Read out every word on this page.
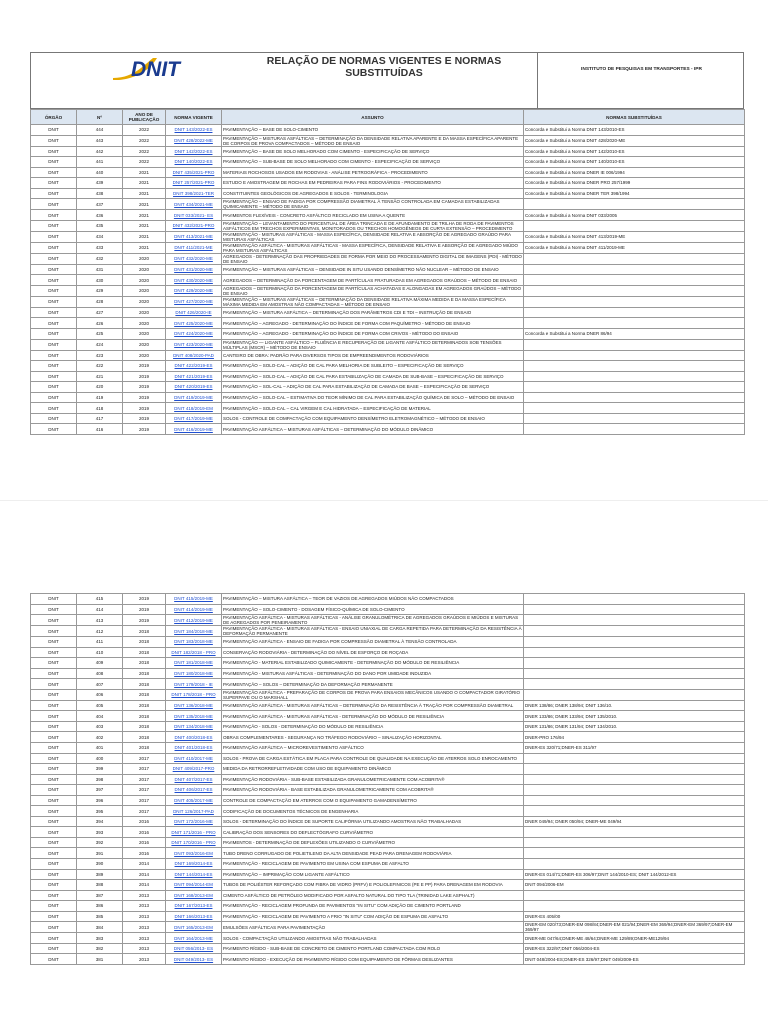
DNIT	RELAÇÃO DE NORMAS VIGENTES E NORMAS SUBSTITUÍDAS	INSTITUTO DE PESQUISAS EM TRANSPORTES - IPR
ÓRGÃO	Nº	ANO DE PUBLICAÇÃO	NORMA VIGENTE	ASSUNTO	NORMAS SUBSTITUÍDAS
DNIT	444	2022	DNIT 143/2022-ES	PAVIMENTAÇÃO – BASE DE SOLO-CIMENTO	Concorda e Substitui a Norma DNIT 143/2010-ES
DNIT	443	2022	DNIT 428/2022-ME	PAVIMENTAÇÃO – MISTURAS ASFÁLTICAS – DETERMINAÇÃO DA DENSIDADE RELATIVA APARENTE E DA MASSA ESPECÍFICA APARENTE DE CORPOS DE PROVA COMPACTADOS – MÉTODO DE ENSAIO	Concorda e Substitui a Norma DNIT 428/2020-ME
DNIT	442	2022	DNIT 142/2022-ES	PAVIMENTAÇÃO – BASE DE SOLO MELHORADO COM CIMENTO - ESPECIFICAÇÃO DE SERVIÇO	Concorda e Substitui a Norma DNIT 142/2010-ES
DNIT	441	2022	DNIT 140/2022-ES	PAVIMENTAÇÃO – SUB-BASE DE SOLO MELHORADO COM CIMENTO - ESPECIFICAÇÃO DE SERVIÇO	Concorda e Substitui a Norma DNIT 140/2010-ES
DNIT	440	2021	DNIT 435/2021-PRO	MATERIAIS ROCHOSOS USADOS EM RODOVIAS - ANÁLISE PETROGRÁFICA - PROCEDIMENTO	Concorda e Substitui a Norma DNER IE 006/1994
DNIT	439	2021	DNIT 257/2021-PRO	ESTUDO E AMOSTRAGEM DE ROCHAS EM PEDREIRAS PARA FINS RODOVIÁRIOS - PROCEDIMENTO	Concorda e Substitui a Norma DNER PRO 257/1999
DNIT	438	2021	DNIT 398/2021-TER	CONSTITUINTES GEOLÓGICOS DE AGREGADOS E SOLOS - TERMINOLOGIA	Concorda e Substitui a Norma DNER TER 398/1994
DNIT	437	2021	DNIT 434/2021-ME	PAVIMENTAÇÃO – ENSAIO DE FADIGA POR COMPRESSÃO DIAMETRAL À TENSÃO CONTROLADA EM CAMADAS ESTABILIZADAS QUIMICAMENTE – MÉTODO DE ENSAIO	
DNIT	436	2021	DNIT 033/2021- ES	PAVIMENTOS FLEXÍVEIS - CONCRETO ASFÁLTICO RECICLADO EM USINA A QUENTE	Concorda e Substitui a Norma DNIT 033/2005
DNIT	435	2021	DNIT 432/2021-PRO	PAVIMENTAÇÃO – LEVANTAMENTO DO PERCENTUAL DE ÁREA TRINCADA E DE AFUNDAMENTO DE TRILHA DE RODA DE PAVIMENTOS ASFÁLTICOS EM TRECHOS EXPERIMENTAIS, MONITORADOS OU TRECHOS HOMOGÊNEOS DE CURTA EXTENSÃO – PROCEDIMENTO	
DNIT	434	2021	DNIT 413/2021-ME	PAVIMENTAÇÃO - MISTURAS ASFÁLTICAS - MASSA ESPECÍFICA, DENSIDADE RELATIVA E ABSORÇÃO DE AGREGADO GRAÚDO PARA MISTURAS ASFÁLTICAS	Concorda e Substitui a Norma DNIT 413/2019-ME
DNIT	433	2021	DNIT 411/2021-ME	PAVIMENTAÇÃO ASFÁLTICA - MISTURAS ASFÁLTICAS - MASSA ESPECÍFICA, DENSIDADE RELATIVA E ABSORÇÃO DE AGREGADO MIÚDO PARA MISTURAS ASFÁLTICAS	Concorda e Substitui a Norma DNIT 411/2019-ME
DNIT	432	2020	DNIT 432/2020-ME	AGREGADOS - DETERMINAÇÃO DAS PROPRIEDADES DE FORMA POR MEIO DO PROCESSAMENTO DIGITAL DE IMAGENS (PDI) - MÉTODO DE ENSAIO	
DNIT	431	2020	DNIT 431/2020-ME	PAVIMENTAÇÃO – MISTURAS ASFÁLTICAS – DENSIDADE IN SITU USANDO DENSÍMETRO NÃO NUCLEAR – MÉTODO DE ENSAIO	
DNIT	430	2020	DNIT 430/2020-ME	AGREGADOS – DETERMINAÇÃO DA PORCENTAGEM DE PARTÍCULAS FRATURADAS EM AGREGADOS GRAÚDOS – MÉTODO DE ENSAIO	
DNIT	429	2020	DNIT 429/2020-ME	AGREGADOS – DETERMINAÇÃO DA PORCENTAGEM DE PARTÍCULAS ACHATADAS E ALONGADAS EM AGREGADOS GRAÚDOS – MÉTODO DE ENSAIO	
DNIT	428	2020	DNIT 427/2020-ME	PAVIMENTAÇÃO – MISTURAS ASFÁLTICAS – DETERMINAÇÃO DA DENSIDADE RELATIVA MÁXIMA MEDIDA E DA MASSA ESPECÍFICA MÁXIMA MEDIDA EM AMOSTRAS NÃO COMPACTADAS – MÉTODO DE ENSAIO	
DNIT	427	2020	DNIT 426/2020-IE	PAVIMENTAÇÃO – MISTURA ASFÁLTICA – DETERMINAÇÃO DOS PARÂMETROS CDI E TDI – INSTRUÇÃO DE ENSAIO	
DNIT	426	2020	DNIT 425/2020-ME	PAVIMENTAÇÃO – AGREGADO - DETERMINAÇÃO DO ÍNDICE DE FORMA COM PAQUÍMETRO - MÉTODO DE ENSAIO	
DNIT	425	2020	DNIT 424/2020-ME	PAVIMENTAÇÃO – AGREGADO - DETERMINAÇÃO DO ÍNDICE DE FORMA COM CRIVOS - MÉTODO DO ENSAIO	Concorda e Substitui a Norma DNER 86/94
DNIT	424	2020	DNIT 423/2020-ME	PAVIMENTAÇÃO — LIGANTE ASFÁLTICO – FLUÊNCIA E RECUPERAÇÃO DE LIGANTE ASFÁLTICO DETERMINADOS SOB TENSÕES MÚLTIPLAS (MSCR) – MÉTODO DE ENSAIO	
DNIT	423	2020	DNIT 408/2020-PAD	CANTEIRO DE OBRA: PADRÃO PARA DIVERSOS TIPOS DE EMPREENDIMENTOS RODOVIÁRIOS	
DNIT	422	2019	DNIT 422/2019-ES	PAVIMENTAÇÃO – SOLO-CAL – ADIÇÃO DE CAL PARA MELHORIA DE SUBLEITO – ESPECIFICAÇÃO DE SERVIÇO	
DNIT	421	2019	DNIT 421/2019-ES	PAVIMENTAÇÃO – SOLO-CAL – ADIÇÃO DE CAL PARA ESTABILIZAÇÃO DE CAMADA DE SUB-BASE – ESPECIFICAÇÃO DE SERVIÇO	
DNIT	420	2019	DNIT 420/2019-ES	PAVIMENTAÇÃO – SOL-CAL – ADIÇÃO DE CAL PARA ESTABILIZAÇÃO DE CAMADA DE BASE – ESPECIFICAÇÃO DE SERVIÇO	
DNIT	419	2019	DNIT 419/2019-ME	PAVIMENTAÇÃO – SOLO-CAL – ESTIMATIVA DO TEOR MÍNIMO DE CAL PARA ESTABILIZAÇÃO QUÍMICA DE SOLO – MÉTODO DE ENSAIO	
DNIT	418	2019	DNIT 418/2019-EM	PAVIMENTAÇÃO – SOLO-CAL – CAL VIRGEM E CAL HIDRATADA – ESPECIFICAÇÃO DE MATERIAL	
DNIT	417	2019	DNIT 417/2019-ME	SOLOS - CONTROLE DE COMPACTAÇÃO COM EQUIPAMENTO DENSÍMETRO ELETROMAGNÉTICO – MÉTODO DE ENSAIO	
DNIT	416	2019	DNIT 416/2019-ME	PAVIMENTAÇÃO ASFÁLTICA – MISTURAS ASFÁLTICAS – DETERMINAÇÃO DO MÓDULO DINÂMICO	
DNIT	415	2019	DNIT 415/2019-ME	PAVIMENTAÇÃO – MISTURA ASFÁLTICA – TEOR DE VAZIOS DE AGREGADOS MIÚDOS NÃO COMPACTADOS	
DNIT	414	2019	DNIT 414/2019-ME	PAVIMENTAÇÃO – SOLO-CIMENTO - DOSAGEM FÍSICO-QUÍMICA DE SOLO-CIMENTO	
DNIT	413	2019	DNIT 412/2019-ME	PAVIMENTAÇÃO ASFÁLTICA - MISTURAS ASFÁLTICAS - ANÁLISE GRANULOMÉTRICA DE AGREGADOS GRAÚDOS E MIÚDOS E MISTURAS DE AGREGADOS POR PENEIRAMENTO	
DNIT	412	2018	DNIT 184/2018-ME	PAVIMENTAÇÃO ASFÁLTICA - MISTURAS ASFÁLTICAS - ENSAIO UNIAXIAL DE CARGA REPETIDA PARA DETERMINAÇÃO DA RESISTÊNCIA À DEFORMAÇÃO PERMANENTE	
DNIT	411	2018	DNIT 183/2018-ME	PAVIMENTAÇÃO ASFÁLTICA - ENSAIO DE FADIGA POR COMPRESSÃO DIAMETRAL À TENSÃO CONTROLADA	
DNIT	410	2018	DNIT 182/2018 - PRO	CONSERVAÇÃO RODOVIÁRIA - DETERMINAÇÃO DO NÍVEL DE ESFORÇO DE ROÇADA	
DNIT	409	2018	DNIT 181/2018-ME	PAVIMENTAÇÃO - MATERIAL ESTABILIZADO QUIMICAMENTE - DETERMINAÇÃO DO MÓDULO DE RESILIÊNCIA	
DNIT	408	2018	DNIT 180/2018-ME	PAVIMENTAÇÃO - MISTURAS ASFÁLTICAS - DETERMINAÇÃO DO DANO POR UMIDADE INDUZIDA	
DNIT	407	2018	DNIT 179/2018 - IE	PAVIMENTAÇÃO – SOLOS – DETERMINAÇÃO DA DEFORMAÇÃO PERMANENTE	
DNIT	406	2018	DNIT 178/2018 - PRO	PAVIMENTAÇÃO ASFÁLTICA - PREPARAÇÃO DE CORPOS DE PROVA PARA ENSAIOS MECÂNICOS USANDO O COMPACTADOR GIRATÓRIO SUPERPAVE OU O MARSHALL	
DNIT	405	2018	DNIT 136/2018-ME	PAVIMENTAÇÃO ASFÁLTICA - MISTURAS ASFÁLTICAS – DETERMINAÇÃO DA RESISTÊNCIA À TRAÇÃO POR COMPRESSÃO DIAMETRAL	DNER 138/86; DNER 138/94; DNIT 136/10.
DNIT	404	2018	DNIT 135/2018-ME	PAVIMENTAÇÃO ASFÁLTICA - MISTURAS ASFÁLTICAS - DETERMINAÇÃO DO MÓDULO DE RESILIÊNCIA	DNER 133/86; DNER 133/94; DNIT 135/2010.
DNIT	403	2018	DNIT 134/2018-ME	PAVIMENTAÇÃO - SOLOS - DETERMINAÇÃO DO MÓDULO DE RESILIÊNCIA	DNER 131/86; DNER 131/94; DNIT 134/2010.
DNIT	402	2018	DNIT 400/2018-ES	OBRAS COMPLEMENTARES - SEGURANÇA NO TRÁFEGO RODOVIÁRIO – SINALIZAÇÃO HORIZONTAL	DNER-PRO 176/94
DNIT	401	2018	DNIT 401/2018-ES	PAVIMENTAÇÃO ASFÁLTICA – MICROREVESTIMENTO ASFÁLTICO	DNER-ES 320/71;DNER-ES 311/97
DNIT	400	2017	DNIT 410/2017-ME	SOLOS - PROVA DE CARGA ESTÁTICA EM PLACA PARA CONTROLE DE QUALIDADE NA EXECUÇÃO DE ATERROS SOLO ENROCAMENTO	
DNIT	399	2017	DNIT 409/2017-PRO	MEDIDA DA RETRORREFLETIVIDADE COM USO DE EQUIPAMENTO DINÂMICO	
DNIT	398	2017	DNIT 407/2017-ES	PAVIMENTAÇÃO RODOVIÁRIA - SUB-BASE ESTABILIZADA GRANULOMETRICAMENTE COM ACOBRITA®	
DNIT	397	2017	DNIT 406/2017-ES	PAVIMENTAÇÃO RODOVIÁRIA - BASE ESTABILIZADA GRANULOMETRICAMENTE COM ACOBRITA®	
DNIT	396	2017	DNIT 405/2017-ME	CONTROLE DE COMPACTAÇÃO EM ATERROS COM O EQUIPAMENTO GAMADENSÍMETRO	
DNIT	395	2017	DNIT 126/2017-PAD	CODIFICAÇÃO DE DOCUMENTOS TÉCNICOS DE ENGENHARIA	
DNIT	394	2016	DNIT 172/2016-ME	SOLOS - DETERMINAÇÃO DO ÍNDICE DE SUPORTE CALIFÓRNIA UTILIZANDO AMOSTRAS NÃO TRABALHADAS	DNER 049/94; DNER 050/94; DNER-ME 049/94
DNIT	393	2016	DNIT 171/2016 - PRO	CALIBRAÇÃO DOS SENSORES DO DEFLECTÓGRAFO CURVIÂMETRO	
DNIT	392	2016	DNIT 170/2016 - PRO	PAVIMENTOS - DETERMINAÇÃO DE DEFLEXÕES UTILIZANDO O CURVIÂMETRO	
DNIT	391	2016	DNIT 093/2016-EM	TUBO DRENO CORRUGADO DE POLIETILENO DA ALTA DENSIDADE PEAD PARA DRENAGEM RODOVIÁRIA	
DNIT	390	2014	DNIT 169/2014-ES	PAVIMENTAÇÃO - RECICLAGEM DE PAVIMENTO EM USINA COM ESPUMA DE ASFALTO	
DNIT	389	2014	DNIT 144/2014-ES	PAVIMENTAÇÃO – IMPRIMAÇÃO COM LIGANTE ASFÁLTICO	DNER-ES 014/71;DNER-ES 306/97;DNIT 144/2010-ES; DNIT 144/2012-ES
DNIT	388	2014	DNIT 094/2014-EM	TUBOS DE POLIÉSTER REFORÇADO COM FIBRA DE VIDRO (PRFV) E POLIOLEFINICOS (PE E PP) PARA DRENAGEM EM RODOVIA	DNIT 094/2006-EM
DNIT	387	2013	DNIT 168/2013-EM	CIMENTO ASFÁLTICO DE PETRÓLEO MODIFICADO POR ASFALTO NATURAL DO TIPO TLA (TRINIDAD LAKE ASPHALT)	
DNIT	386	2013	DNIT 167/2013-ES	PAVIMENTAÇÃO - RECICLAGEM PROFUNDA DE PAVIMENTOS "IN SITU" COM ADIÇÃO DE CIMENTO PORTLAND	
DNIT	385	2013	DNIT 166/2013-ES	PAVIMENTAÇÃO - RECICLAGEM DE PAVIMENTO A FRIO "IN SITU" COM ADIÇÃO DE ESPUMA DE ASFALTO	DNER-ES 405/00
DNIT	384	2013	DNIT 165/2013-EM	EMULSÕES ASFÁLTICAS PARA PAVIMENTAÇÃO	DNER-EM 020/73;DNER-EM 098/84;DNER-EM 021/94;DNER-EM 369/94;DNER-EM 369/97;DNER-EM 369/97
DNIT	383	2013	DNIT 164/2013-ME	SOLOS - COMPACTAÇÃO UTILIZANDO AMOSTRAS NÃO TRABALHADAS	DNER-ME 047/64;DNER-ME 48/64;DNER-ME 129/89;DNER-ME129/94
DNIT	382	2013	DNIT 056/2013- ES	PAVIMENTO RÍGIDO - SUB-BASE DE CONCRETO DE CIMENTO PORTLAND COMPACTADA COM ROLO	DNER-ES 322/97;DNIT 056/2004-ES
DNIT	381	2013	DNIT 049/2013- ES	PAVIMENTO RÍGIDO - EXECUÇÃO DE PAVIMENTO RÍGIDO COM EQUIPAMENTO DE FÔRMAS DESLIZANTES	DNIT 048/2004-ES;DNER-ES 326/97;DNIT 049/2009-ES
